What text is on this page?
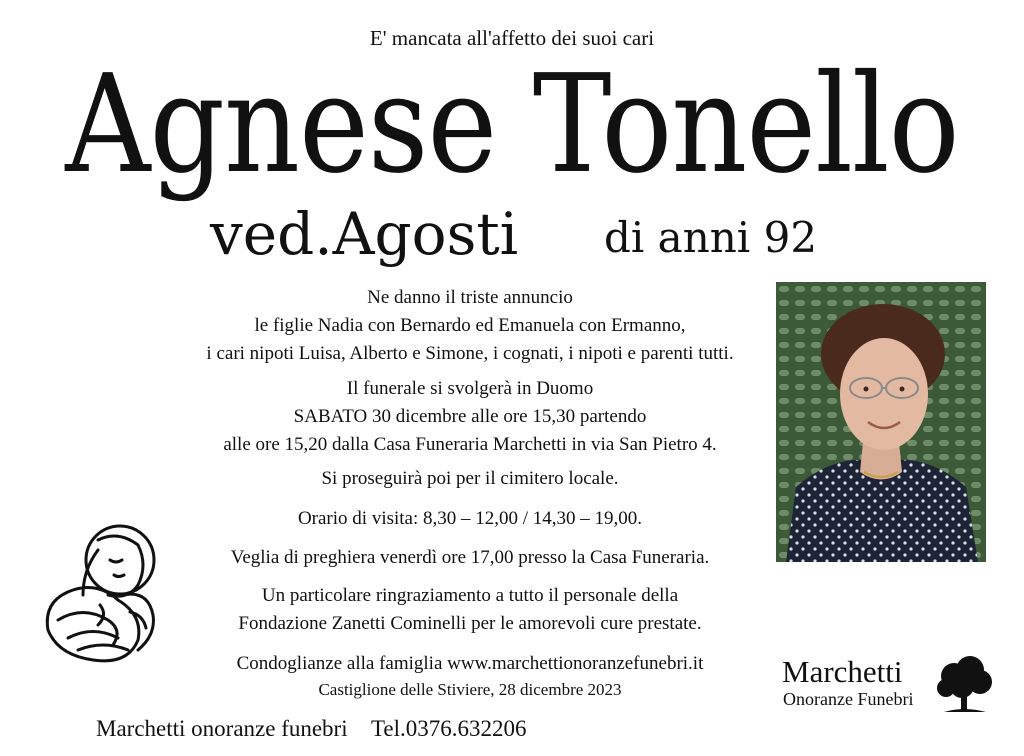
E' mancata all'affetto dei suoi cari
Agnese Tonello
ved.Agosti di anni 92
Ne danno il triste annuncio
le figlie Nadia con Bernardo ed Emanuela con Ermanno,
i cari nipoti Luisa, Alberto e Simone, i cognati, i nipoti e parenti tutti.
Il funerale si svolgerà in Duomo
SABATO 30 dicembre alle ore 15,30 partendo
alle ore 15,20 dalla Casa Funeraria Marchetti in via San Pietro 4.
Si proseguirà poi per il cimitero locale.
Orario di visita: 8,30 – 12,00 / 14,30 – 19,00.
Veglia di preghiera venerdì ore 17,00 presso la Casa Funeraria.
Un particolare ringraziamento a tutto il personale della
Fondazione Zanetti Cominelli per le amorevoli cure prestate.
Condoglianze alla famiglia www.marchettionoranzefunebri.it
Castiglione delle Stiviere, 28 dicembre 2023
Marchetti onoranze funebri Tel.0376.632206
Marchetti
Onoranze Funebri
